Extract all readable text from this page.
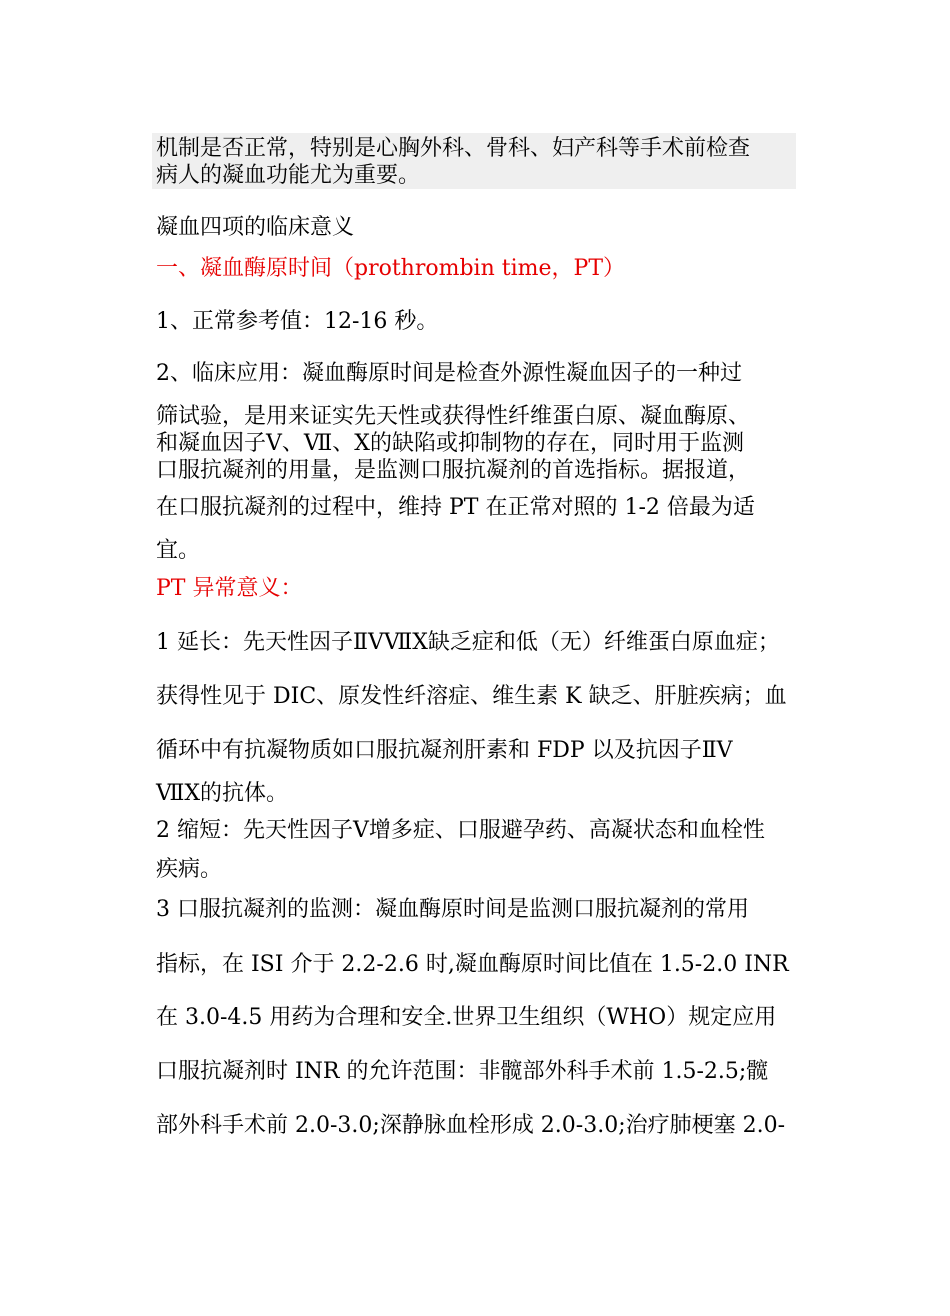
机制是否正常，特别是心胸外科、骨科、妇产科等手术前检查
病人的凝血功能尤为重要。
凝血四项的临床意义
一、凝血酶原时间（prothrombin time，PT）
1、正常参考值：12-16 秒。
2、临床应用：凝血酶原时间是检查外源性凝血因子的一种过
筛试验，是用来证实先天性或获得性纤维蛋白原、凝血酶原、
和凝血因子Ⅴ、Ⅶ、Ⅹ的缺陷或抑制物的存在，同时用于监测
口服抗凝剂的用量，是监测口服抗凝剂的首选指标。据报道，
在口服抗凝剂的过程中，维持 PT 在正常对照的 1-2 倍最为适
宜。
PT 异常意义：
1 延长：先天性因子ⅡⅤⅦⅩ缺乏症和低（无）纤维蛋白原血症；
获得性见于 DIC、原发性纤溶症、维生素 K 缺乏、肝脏疾病；血
循环中有抗凝物质如口服抗凝剂肝素和 FDP 以及抗因子ⅡⅤ
ⅦⅩ的抗体。
2 缩短：先天性因子Ⅴ增多症、口服避孕药、高凝状态和血栓性
疾病。
3 口服抗凝剂的监测：凝血酶原时间是监测口服抗凝剂的常用
指标，在 ISI 介于 2.2-2.6 时,凝血酶原时间比值在 1.5-2.0 INR
在 3.0-4.5 用药为合理和安全.世界卫生组织（WHO）规定应用
口服抗凝剂时 INR 的允许范围：非髋部外科手术前 1.5-2.5;髋
部外科手术前 2.0-3.0;深静脉血栓形成 2.0-3.0;治疗肺梗塞 2.0-
